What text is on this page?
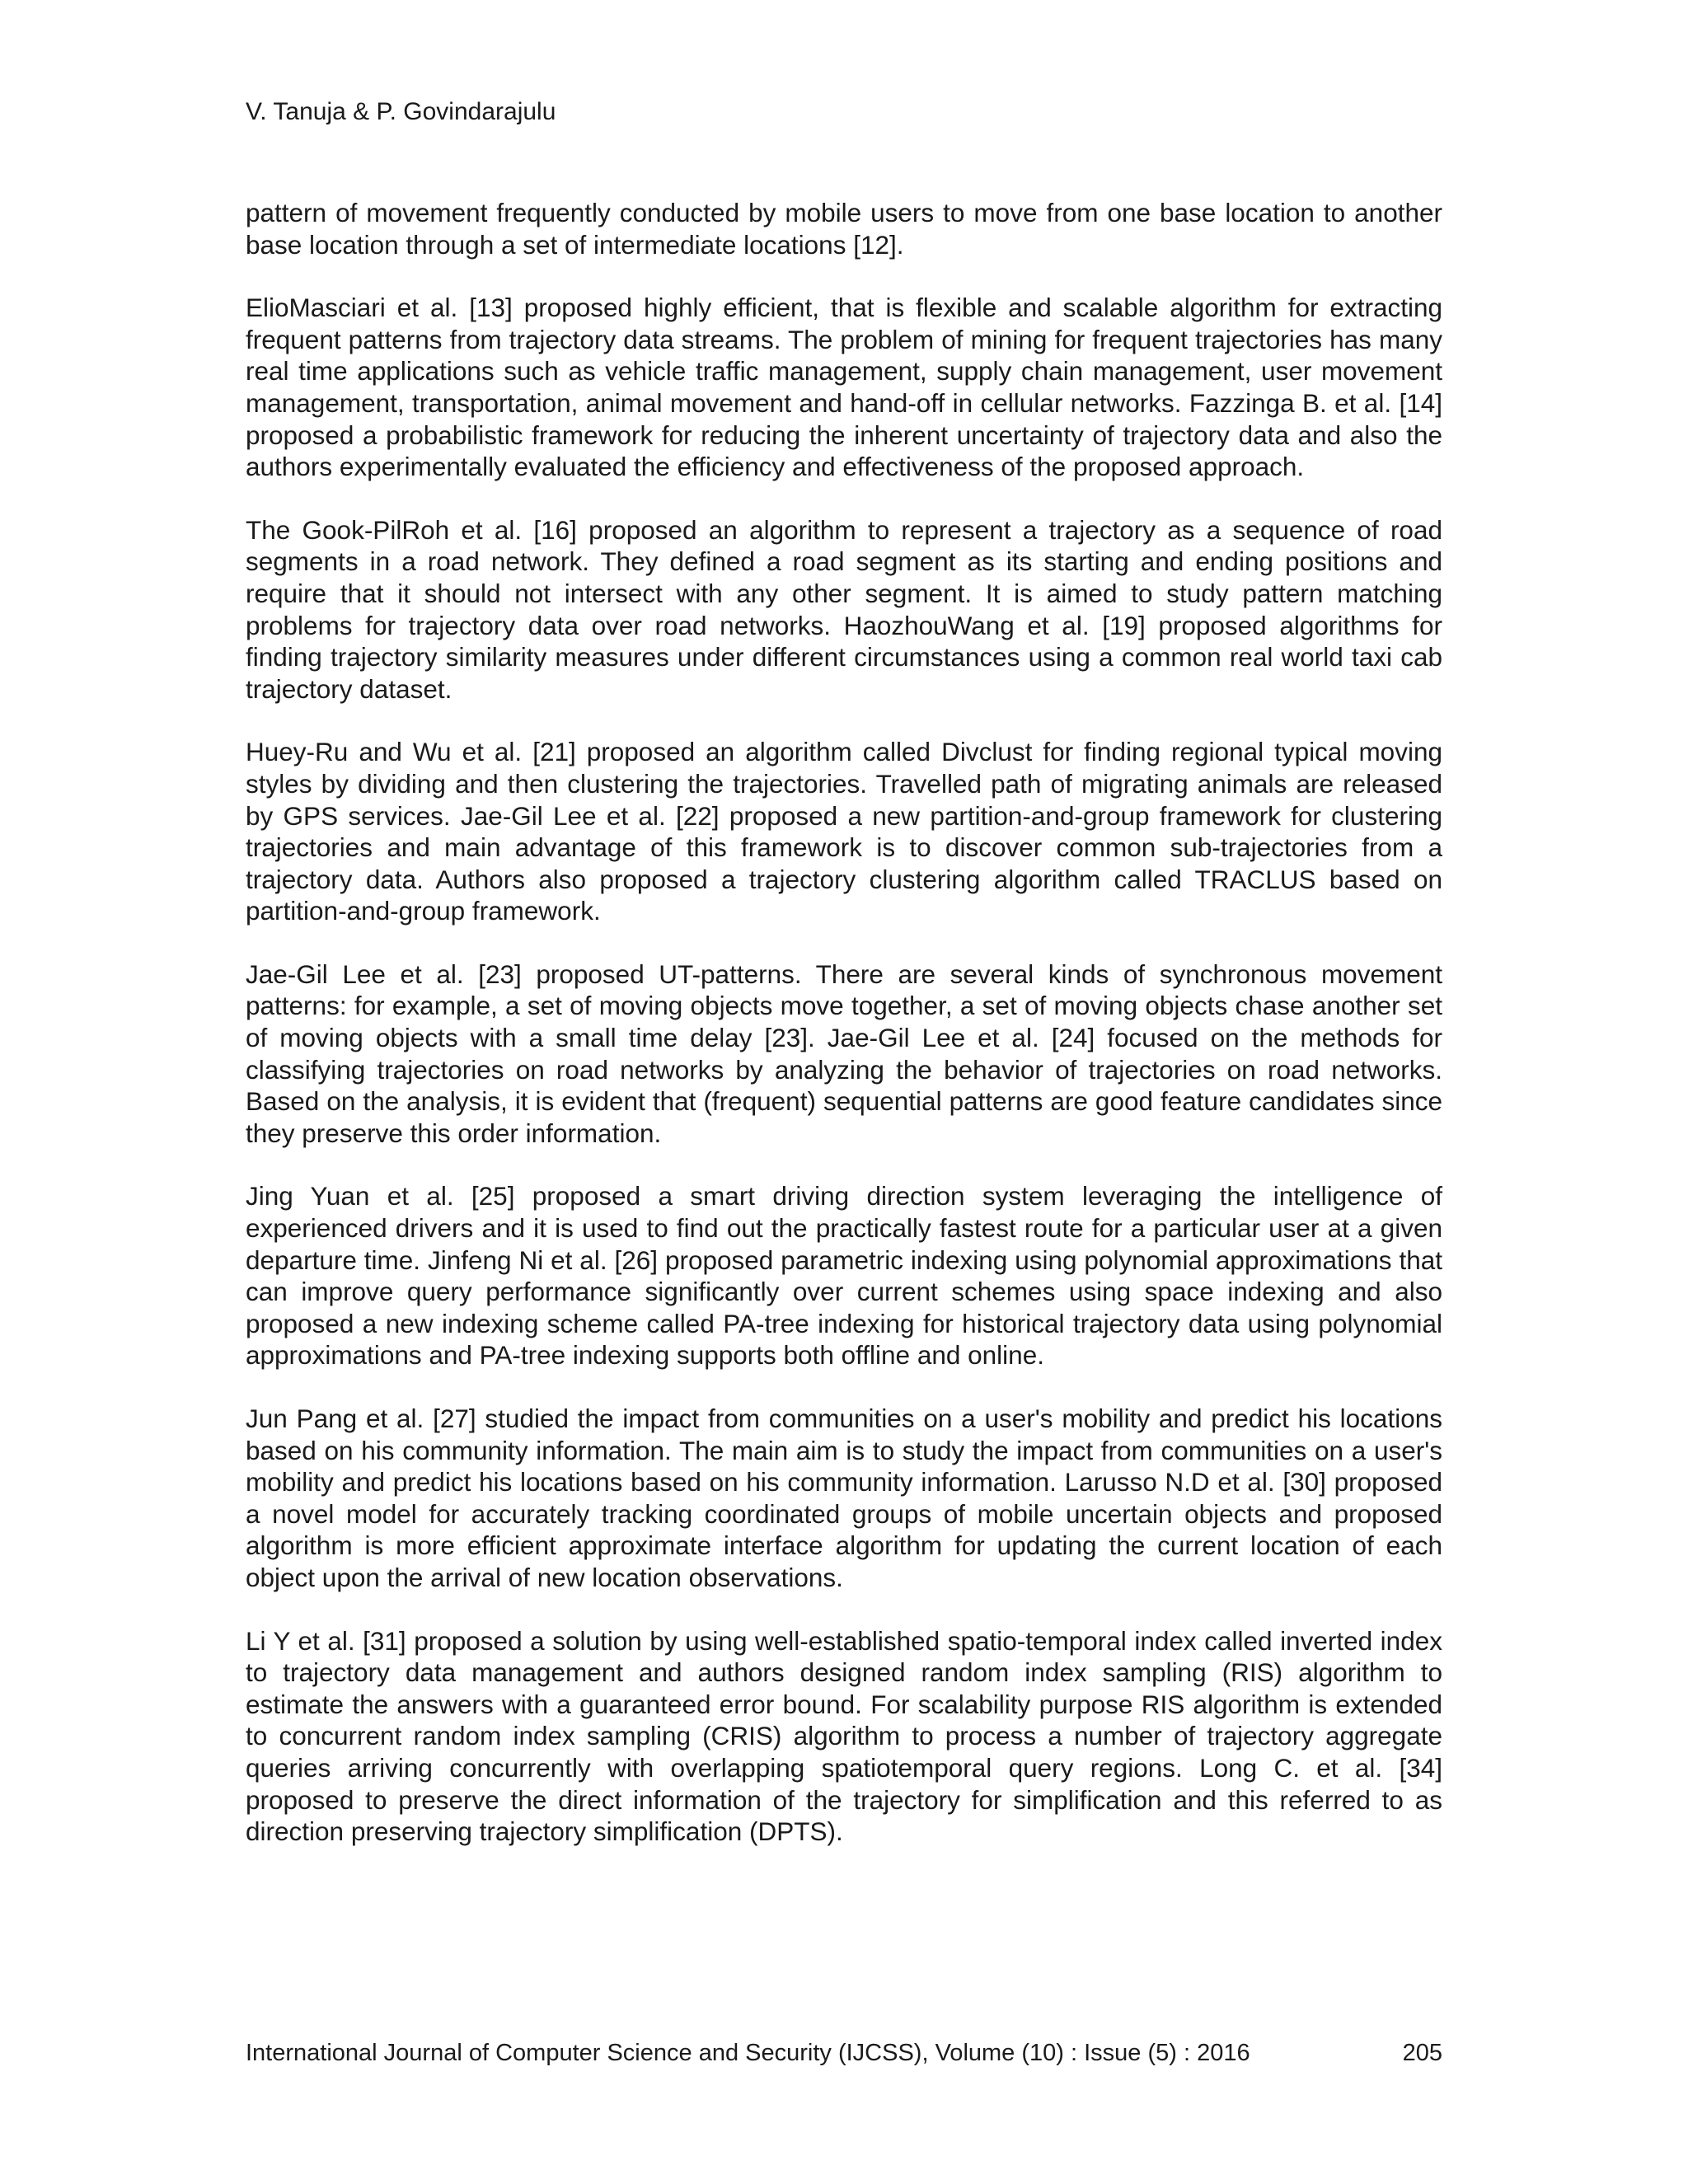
V. Tanuja & P. Govindarajulu

pattern of movement frequently conducted by mobile users to move from one base location to another base location through a set of intermediate locations [12].

ElioMasciari et al. [13] proposed highly efficient, that is flexible and scalable algorithm for extracting frequent patterns from trajectory data streams. The problem of mining for frequent trajectories has many real time applications such as vehicle traffic management, supply chain management, user movement management, transportation, animal movement and hand-off in cellular networks. Fazzinga B. et al. [14] proposed a probabilistic framework for reducing the inherent uncertainty of trajectory data and also the authors experimentally evaluated the efficiency and effectiveness of the proposed approach.

The Gook-PilRoh et al. [16] proposed an algorithm to represent a trajectory as a sequence of road segments in a road network. They defined a road segment as its starting and ending positions and require that it should not intersect with any other segment. It is aimed to study pattern matching problems for trajectory data over road networks. HaozhouWang et al. [19] proposed algorithms for finding trajectory similarity measures under different circumstances using a common real world taxi cab trajectory dataset.

Huey-Ru and Wu et al. [21] proposed an algorithm called Divclust for finding regional typical moving styles by dividing and then clustering the trajectories. Travelled path of migrating animals are released by GPS services. Jae-Gil Lee et al. [22] proposed a new partition-and-group framework for clustering trajectories and main advantage of this framework is to discover common sub-trajectories from a trajectory data. Authors also proposed a trajectory clustering algorithm called TRACLUS based on partition-and-group framework.

Jae-Gil Lee et al. [23] proposed UT-patterns. There are several kinds of synchronous movement patterns: for example, a set of moving objects move together, a set of moving objects chase another set of moving objects with a small time delay [23]. Jae-Gil Lee et al. [24] focused on the methods for classifying trajectories on road networks by analyzing the behavior of trajectories on road networks. Based on the analysis, it is evident that (frequent) sequential patterns are good feature candidates since they preserve this order information.

Jing Yuan et al. [25] proposed a smart driving direction system leveraging the intelligence of experienced drivers and it is used to find out the practically fastest route for a particular user at a given departure time. Jinfeng Ni et al. [26] proposed parametric indexing using polynomial approximations that can improve query performance significantly over current schemes using space indexing and also proposed a new indexing scheme called PA-tree indexing for historical trajectory data using polynomial approximations and PA-tree indexing supports both offline and online.

Jun Pang et al. [27] studied the impact from communities on a user's mobility and predict his locations based on his community information. The main aim is to study the impact from communities on a user's mobility and predict his locations based on his community information. Larusso N.D et al. [30] proposed a novel model for accurately tracking coordinated groups of mobile uncertain objects and proposed algorithm is more efficient approximate interface algorithm for updating the current location of each object upon the arrival of new location observations.

Li Y et al. [31] proposed a solution by using well-established spatio-temporal index called inverted index to trajectory data management and authors designed random index sampling (RIS) algorithm to estimate the answers with a guaranteed error bound. For scalability purpose RIS algorithm is extended to concurrent random index sampling (CRIS) algorithm to process a number of trajectory aggregate queries arriving concurrently with overlapping spatiotemporal query regions. Long C. et al. [34] proposed to preserve the direct information of the trajectory for simplification and this referred to as direction preserving trajectory simplification (DPTS).

International Journal of Computer Science and Security (IJCSS), Volume (10) : Issue (5) : 2016	205
